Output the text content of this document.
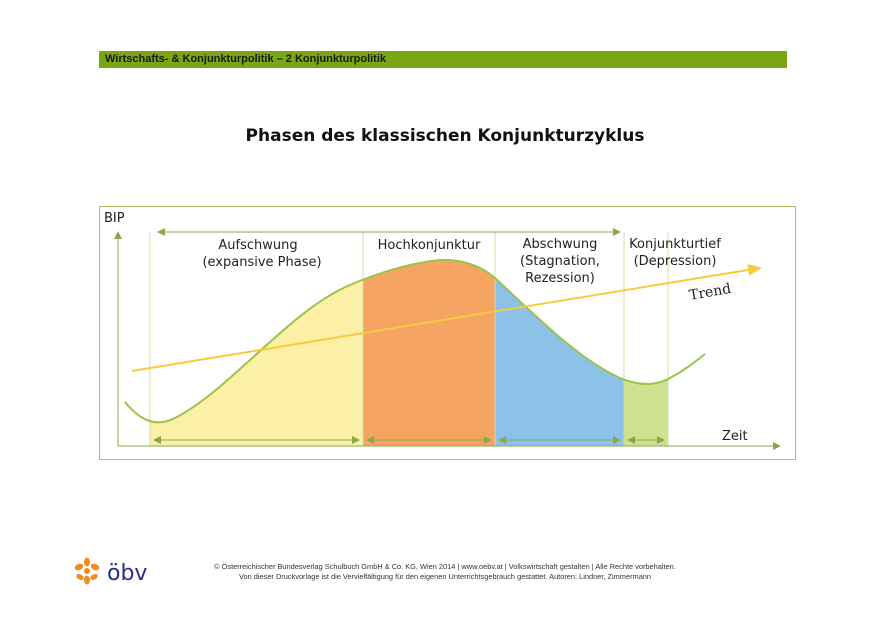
Wirtschafts- & Konjunkturpolitik – 2 Konjunkturpolitik
Phasen des klassischen Konjunkturzyklus
BIP
Zeit
Trend
Aufschwung
(expansive Phase)
Hochkonjunktur	Abschwung
(Stagnation,
Rezession)
Konjunkturtief
(Depression)
öbv	© Österreichischer Bundesverlag Schulbuch GmbH & Co. KG, Wien 2014 | www.oebv.at | Volkswirtschaft gestalten | Alle Rechte vorbehalten.
Von dieser Druckvorlage ist die Vervielfältigung für den eigenen Unterrichtsgebrauch gestattet. Autoren: Lindner, Zimmermann
